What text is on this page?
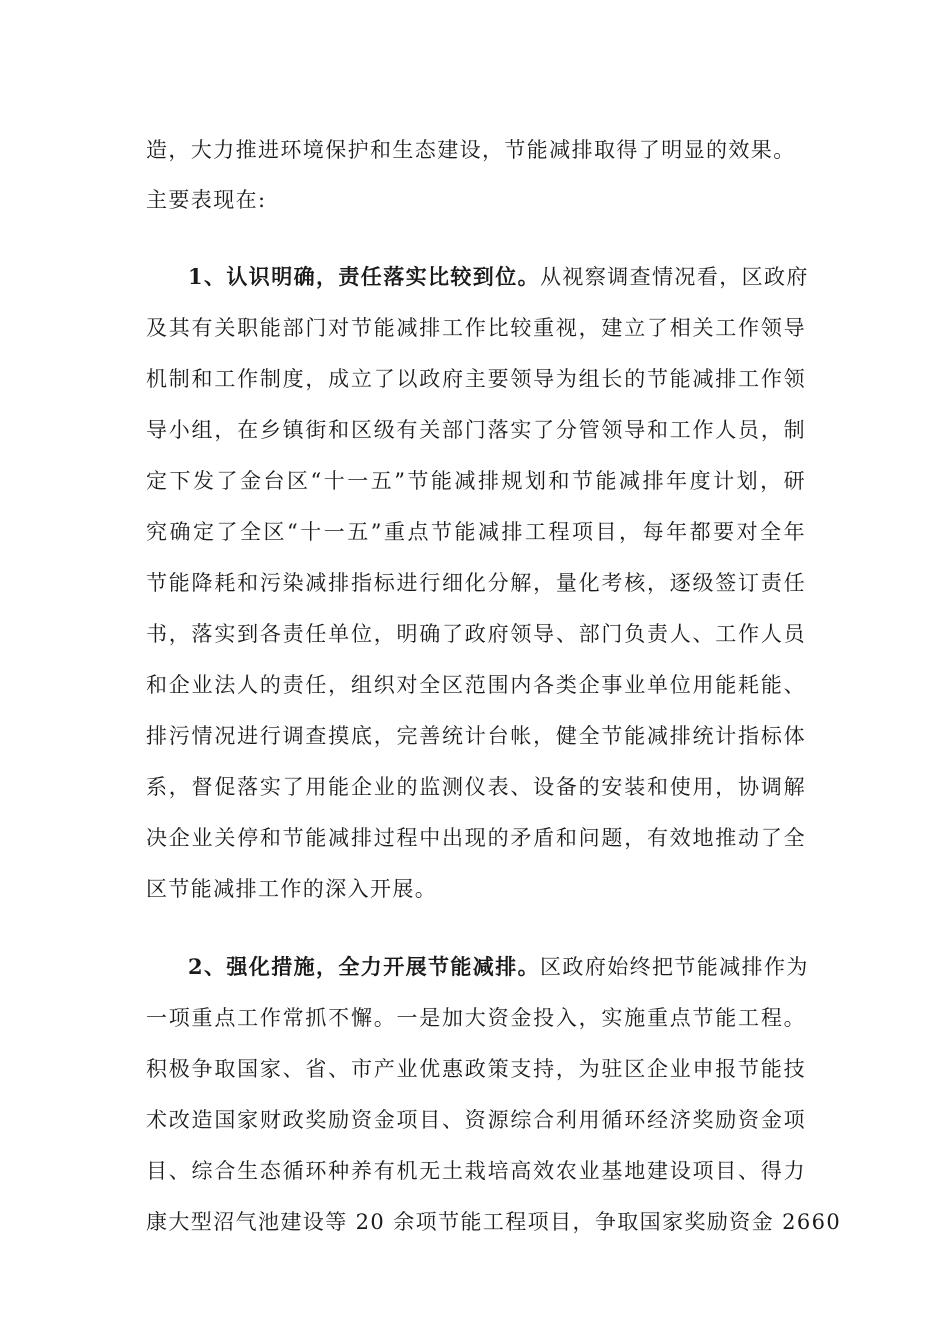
造，大力推进环境保护和生态建设，节能减排取得了明显的效果。
主要表现在:
1、认识明确，责任落实比较到位。从视察调查情况看，区政府
及其有关职能部门对节能减排工作比较重视，建立了相关工作领导
机制和工作制度，成立了以政府主要领导为组长的节能减排工作领
导小组，在乡镇街和区级有关部门落实了分管领导和工作人员，制
定下发了金台区“十一五”节能减排规划和节能减排年度计划，研
究确定了全区“十一五”重点节能减排工程项目，每年都要对全年
节能降耗和污染减排指标进行细化分解，量化考核，逐级签订责任
书，落实到各责任单位，明确了政府领导、部门负责人、工作人员
和企业法人的责任，组织对全区范围内各类企事业单位用能耗能、
排污情况进行调查摸底，完善统计台帐，健全节能减排统计指标体
系，督促落实了用能企业的监测仪表、设备的安装和使用，协调解
决企业关停和节能减排过程中出现的矛盾和问题，有效地推动了全
区节能减排工作的深入开展。
2、强化措施，全力开展节能减排。区政府始终把节能减排作为
一项重点工作常抓不懈。一是加大资金投入，实施重点节能工程。
积极争取国家、省、市产业优惠政策支持，为驻区企业申报节能技
术改造国家财政奖励资金项目、资源综合利用循环经济奖励资金项
目、综合生态循环种养有机无土栽培高效农业基地建设项目、得力
康大型沼气池建设等 20 余项节能工程项目，争取国家奖励资金 2660
